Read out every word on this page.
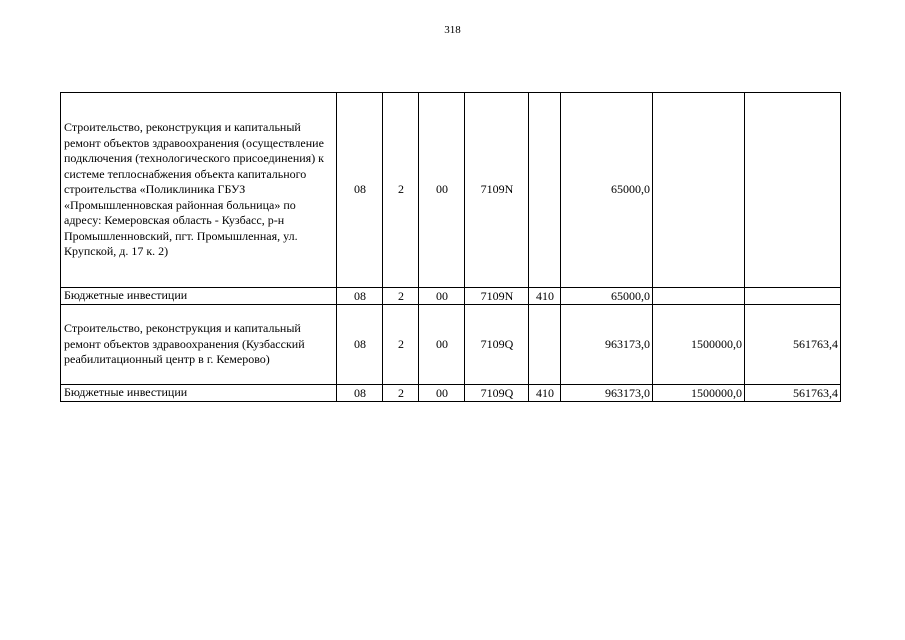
318
Строительство, реконструкция и капитальный ремонт объектов здравоохранения (осуществление подключения (технологического присоединения) к системе теплоснабжения объекта капитального строительства «Поликлиника ГБУЗ «Промышленновская районная больница» по адресу: Кемеровская область - Кузбасс, р-н Промышленновский, пгт. Промышленная, ул. Крупской, д. 17 к. 2)	08	2	00	7109N		65000,0		
Бюджетные инвестиции	08	2	00	7109N	410	65000,0		
Строительство, реконструкция и капитальный ремонт объектов здравоохранения (Кузбасский реабилитационный центр в г. Кемерово)	08	2	00	7109Q		963173,0	1500000,0	561763,4
Бюджетные инвестиции	08	2	00	7109Q	410	963173,0	1500000,0	561763,4
